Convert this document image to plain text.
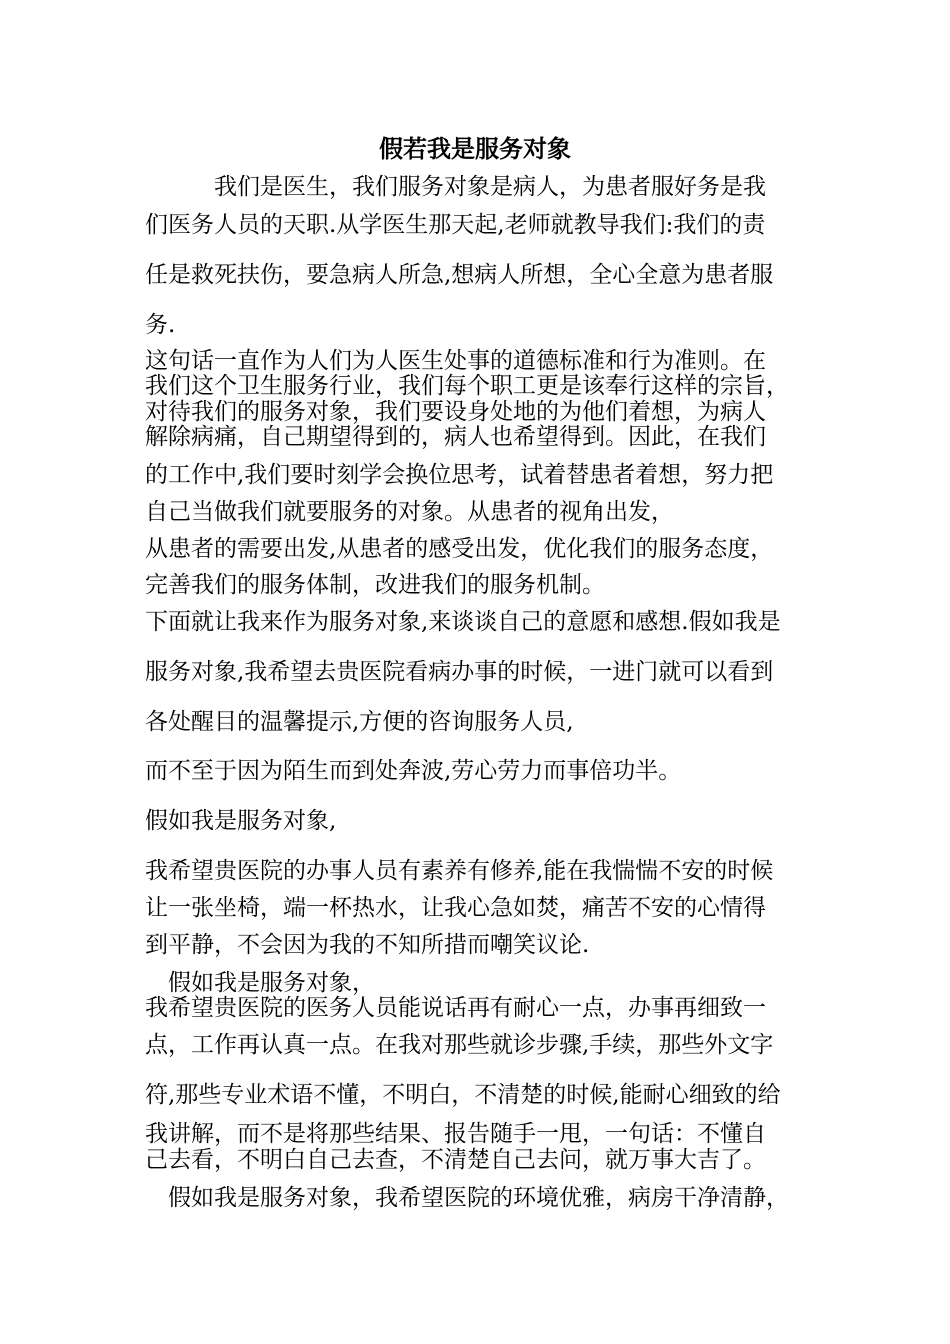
假若我是服务对象
我们是医生，我们服务对象是病人，为患者服好务是我
们医务人员的天职.从学医生那天起,老师就教导我们:我们的责
任是救死扶伤，要急病人所急,想病人所想，全心全意为患者服
务.
这句话一直作为人们为人医生处事的道德标准和行为准则。在
我们这个卫生服务行业，我们每个职工更是该奉行这样的宗旨，
对待我们的服务对象，我们要设身处地的为他们着想，为病人
解除病痛，自己期望得到的，病人也希望得到。因此，在我们
的工作中,我们要时刻学会换位思考，试着替患者着想，努力把
自己当做我们就要服务的对象。从患者的视角出发，
从患者的需要出发,从患者的感受出发，优化我们的服务态度，
完善我们的服务体制，改进我们的服务机制。
下面就让我来作为服务对象,来谈谈自己的意愿和感想.假如我是
服务对象,我希望去贵医院看病办事的时候，一进门就可以看到
各处醒目的温馨提示,方便的咨询服务人员,
而不至于因为陌生而到处奔波,劳心劳力而事倍功半。
假如我是服务对象,
我希望贵医院的办事人员有素养有修养,能在我惴惴不安的时候
让一张坐椅，端一杯热水，让我心急如焚，痛苦不安的心情得
到平静，不会因为我的不知所措而嘲笑议论.
假如我是服务对象，
我希望贵医院的医务人员能说话再有耐心一点，办事再细致一
点，工作再认真一点。在我对那些就诊步骤,手续，那些外文字
符,那些专业术语不懂，不明白，不清楚的时候,能耐心细致的给
我讲解，而不是将那些结果、报告随手一甩，一句话：不懂自
己去看，不明白自己去查，不清楚自己去问，就万事大吉了。
假如我是服务对象，我希望医院的环境优雅，病房干净清静，
